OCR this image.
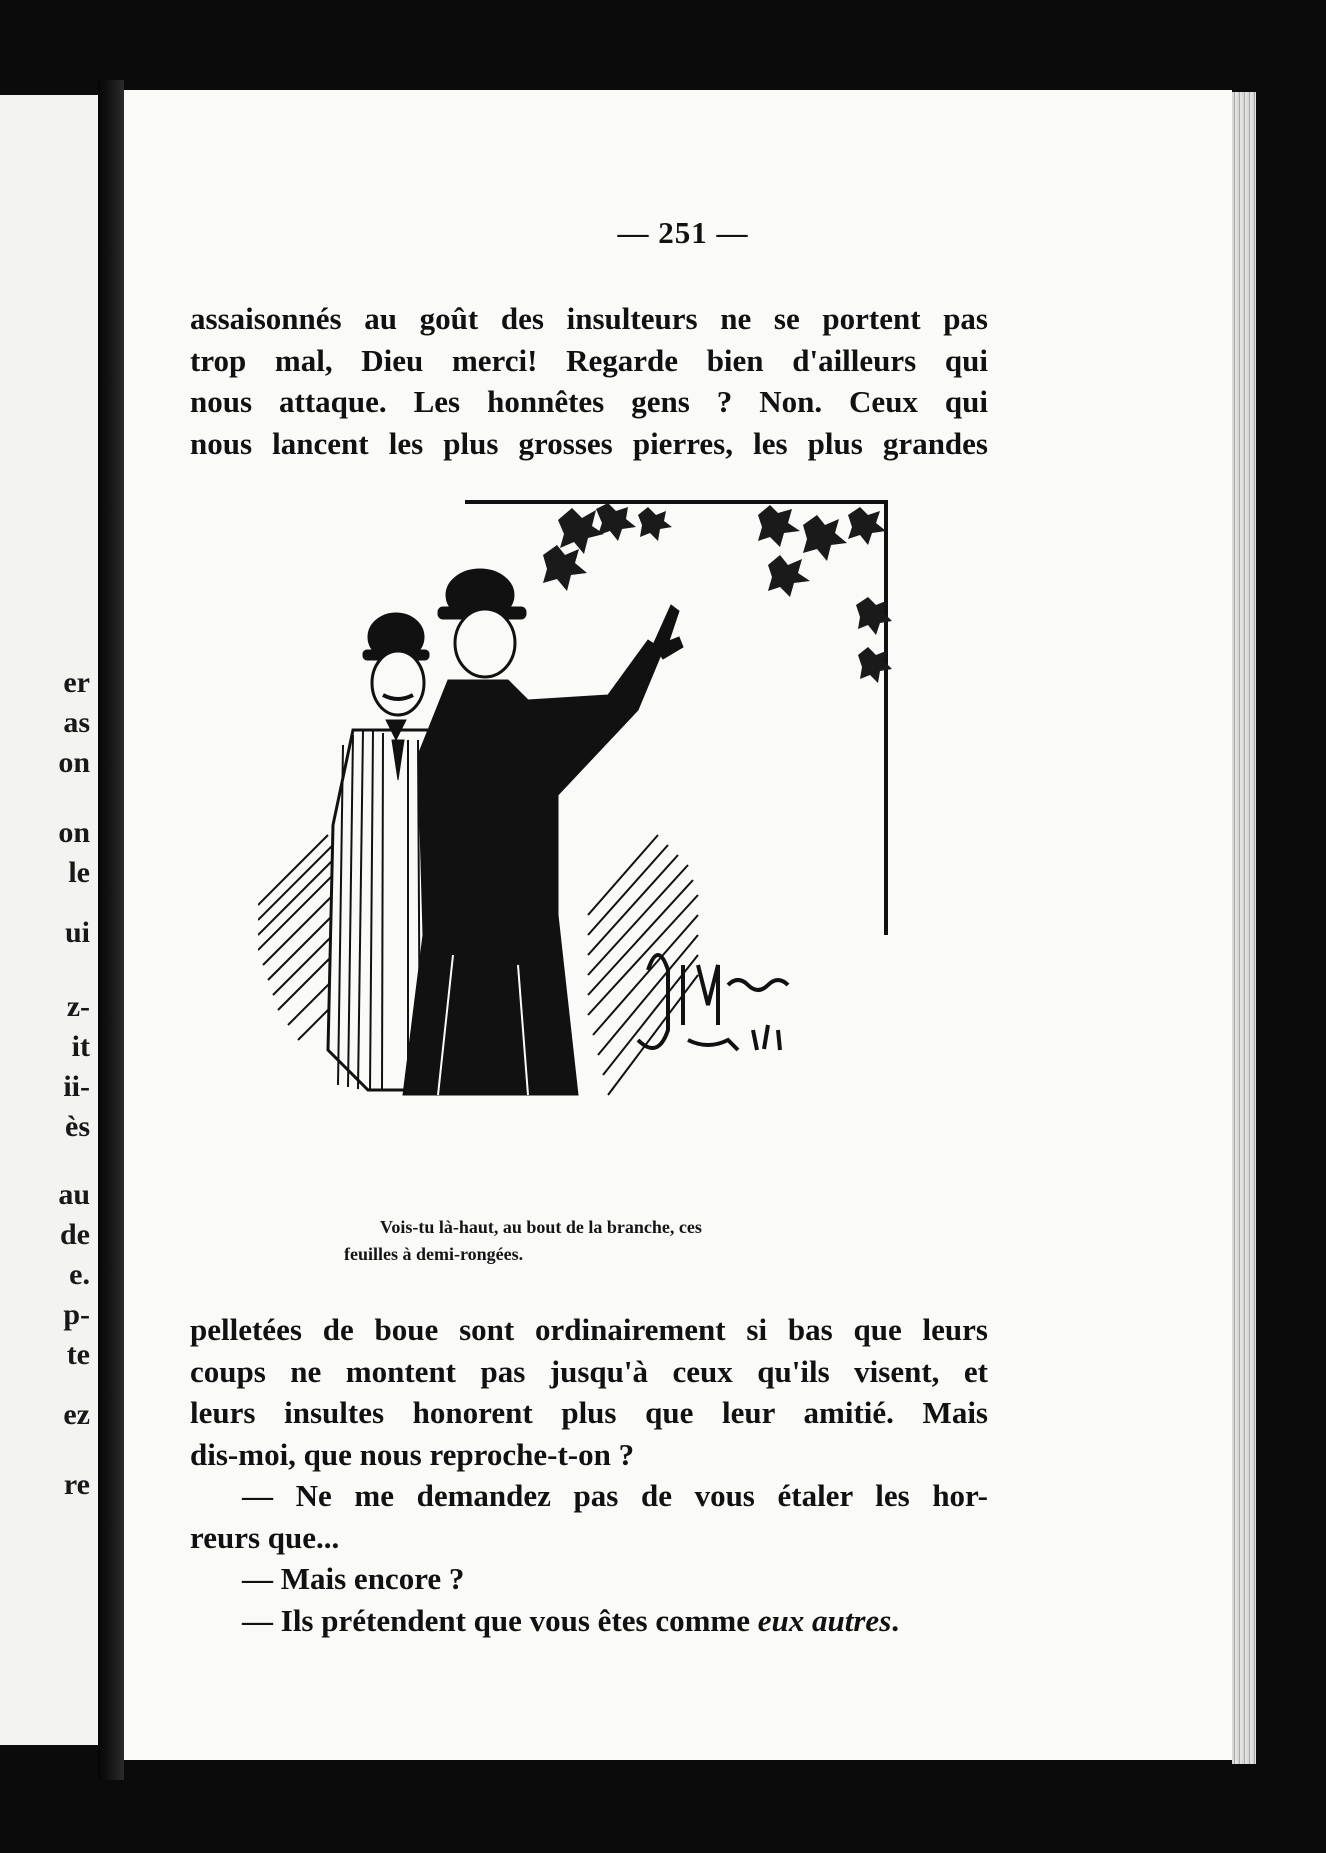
er
as
on
on
le
ui
z-
it
ii-
ès
au
de
e.
p-
te
ez
re
— 251 —

assaisonnés au goût des insulteurs ne se portent pas
trop mal, Dieu merci! Regarde bien d'ailleurs qui
nous attaque. Les honnêtes gens ? Non. Ceux qui
nous lancent les plus grosses pierres, les plus grandes

Vois-tu là-haut, au bout de la branche, ces
feuilles à demi-rongées.

pelletées de boue sont ordinairement si bas que leurs
coups ne montent pas jusqu'à ceux qu'ils visent, et
leurs insultes honorent plus que leur amitié. Mais
dis-moi, que nous reproche-t-on ?
— Ne me demandez pas de vous étaler les hor-
reurs que...
— Mais encore ?
— Ils prétendent que vous êtes comme eux autres.
